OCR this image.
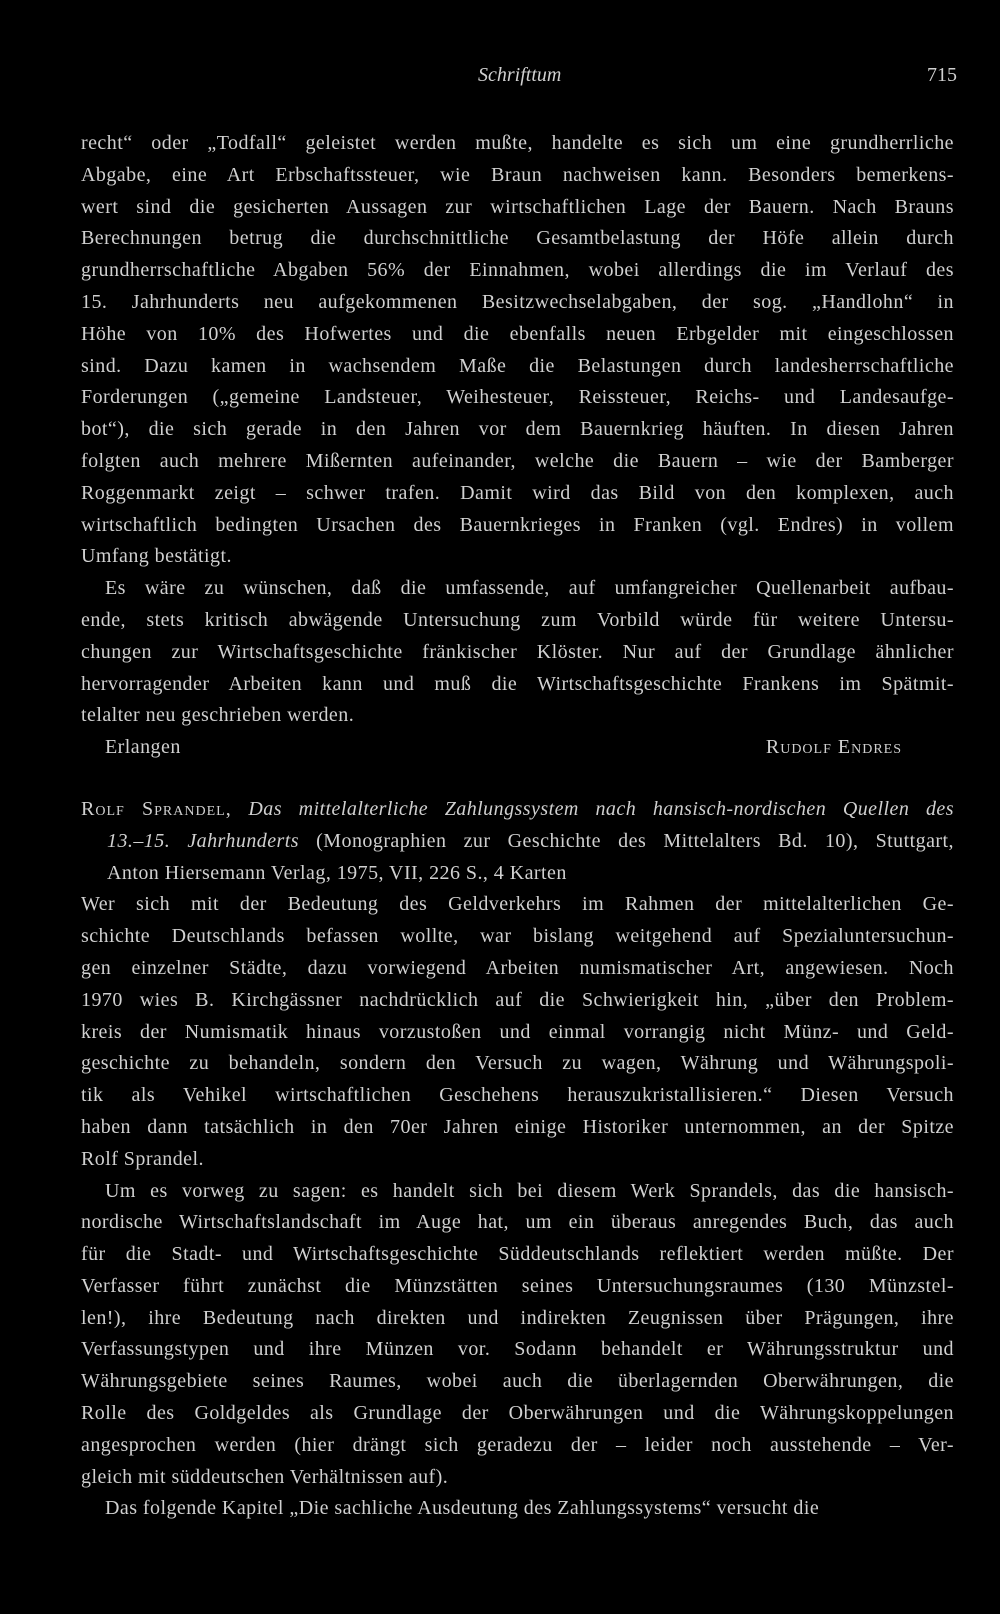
Schrifttum	715
recht“ oder „Todfall“ geleistet werden mußte, handelte es sich um eine grundherrliche
Abgabe, eine Art Erbschaftssteuer, wie Braun nachweisen kann. Besonders bemerkens-
wert sind die gesicherten Aussagen zur wirtschaftlichen Lage der Bauern. Nach Brauns
Berechnungen betrug die durchschnittliche Gesamtbelastung der Höfe allein durch
grundherrschaftliche Abgaben 56% der Einnahmen, wobei allerdings die im Verlauf des
15. Jahrhunderts neu aufgekommenen Besitzwechselabgaben, der sog. „Handlohn“ in
Höhe von 10% des Hofwertes und die ebenfalls neuen Erbgelder mit eingeschlossen
sind. Dazu kamen in wachsendem Maße die Belastungen durch landesherrschaftliche
Forderungen („gemeine Landsteuer, Weihesteuer, Reissteuer, Reichs- und Landesaufge-
bot“), die sich gerade in den Jahren vor dem Bauernkrieg häuften. In diesen Jahren
folgten auch mehrere Mißernten aufeinander, welche die Bauern – wie der Bamberger
Roggenmarkt zeigt – schwer trafen. Damit wird das Bild von den komplexen, auch
wirtschaftlich bedingten Ursachen des Bauernkrieges in Franken (vgl. Endres) in vollem
Umfang bestätigt.
Es wäre zu wünschen, daß die umfassende, auf umfangreicher Quellenarbeit aufbau-
ende, stets kritisch abwägende Untersuchung zum Vorbild würde für weitere Untersu-
chungen zur Wirtschaftsgeschichte fränkischer Klöster. Nur auf der Grundlage ähnlicher
hervorragender Arbeiten kann und muß die Wirtschaftsgeschichte Frankens im Spätmit-
telalter neu geschrieben werden.
Erlangen	Rudolf Endres
Rolf Sprandel, Das mittelalterliche Zahlungssystem nach hansisch-nordischen Quellen des
13.–15. Jahrhunderts (Monographien zur Geschichte des Mittelalters Bd. 10), Stuttgart,
Anton Hiersemann Verlag, 1975, VII, 226 S., 4 Karten
Wer sich mit der Bedeutung des Geldverkehrs im Rahmen der mittelalterlichen Ge-
schichte Deutschlands befassen wollte, war bislang weitgehend auf Spezialuntersuchun-
gen einzelner Städte, dazu vorwiegend Arbeiten numismatischer Art, angewiesen. Noch
1970 wies B. Kirchgässner nachdrücklich auf die Schwierigkeit hin, „über den Problem-
kreis der Numismatik hinaus vorzustoßen und einmal vorrangig nicht Münz- und Geld-
geschichte zu behandeln, sondern den Versuch zu wagen, Währung und Währungspoli-
tik als Vehikel wirtschaftlichen Geschehens herauszukristallisieren.“ Diesen Versuch
haben dann tatsächlich in den 70er Jahren einige Historiker unternommen, an der Spitze
Rolf Sprandel.
Um es vorweg zu sagen: es handelt sich bei diesem Werk Sprandels, das die hansisch-
nordische Wirtschaftslandschaft im Auge hat, um ein überaus anregendes Buch, das auch
für die Stadt- und Wirtschaftsgeschichte Süddeutschlands reflektiert werden müßte. Der
Verfasser führt zunächst die Münzstätten seines Untersuchungsraumes (130 Münzstel-
len!), ihre Bedeutung nach direkten und indirekten Zeugnissen über Prägungen, ihre
Verfassungstypen und ihre Münzen vor. Sodann behandelt er Währungsstruktur und
Währungsgebiete seines Raumes, wobei auch die überlagernden Oberwährungen, die
Rolle des Goldgeldes als Grundlage der Oberwährungen und die Währungskoppelungen
angesprochen werden (hier drängt sich geradezu der – leider noch ausstehende – Ver-
gleich mit süddeutschen Verhältnissen auf).
Das folgende Kapitel „Die sachliche Ausdeutung des Zahlungssystems“ versucht die
